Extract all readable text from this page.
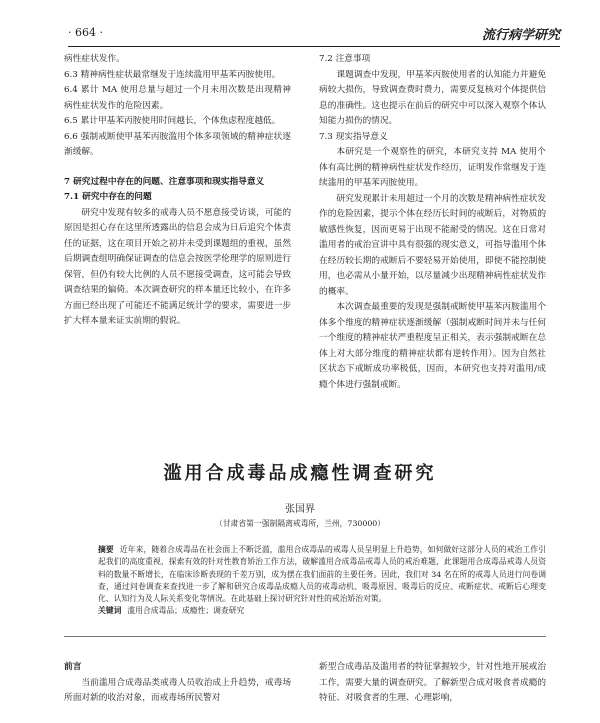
· 664 ·	流行病学研究

病性症状发作。

6.3 精神病性症状最常继发于连续滥用甲基苯丙胺使用。

6.4 累计 MA 使用总量与超过一个月未用次数是出现精神病性症状发作的危险因素。

6.5 累计甲基苯丙胺使用时间越长，个体焦虑程度越低。

6.6 强制戒断使甲基苯丙胺滥用个体多项领域的精神症状逐渐缓解。

7 研究过程中存在的问题、注意事项和现实指导意义

7.1 研究中存在的问题

研究中发现有较多的戒毒人员不愿意接受访谈，可能的原因是担心存在这里所透露出的信息会成为日后追究个体责任的证据，这在项目开始之初并未受到课题组的重视，虽然后期调查组明确保证调查的信息会按医学伦理学的原则进行保管，但仍有较大比例的人员不愿接受调查，这可能会导致调查结果的偏倚。本次调查研究的样本量还比较小，在许多方面已经出现了可能还不能满足统计学的要求，需要进一步扩大样本量来证实前期的假说。

7.2 注意事项

课题调查中发现，甲基苯丙胺使用者的认知能力并避免病较大损伤，导致调查费时费力，需要反复核对个体提供信息的准确性。这也提示在前后的研究中可以深入观察个体认知能力损伤的情况。

7.3 现实指导意义

本研究是一个观察性的研究，本研究支持 MA 使用个体有高比例的精神病性症状发作经历，证明发作常继发于连续滥用的甲基苯丙胺使用。

研究发现累计未用超过一个月的次数是精神病性症状发作的危险因素，提示个体在经历长时间的戒断后，对物质的敏感性恢复，因而更易于出现不能耐受的情况。这在日常对滥用者的戒治宣讲中具有很强的现实意义，可指导滥用个体在经历较长期的戒断后不要轻易开始使用，即使不能控制使用，也必需从小量开始，以尽量减少出现精神病性症状发作的概率。

本次调查最重要的发现是强制戒断使甲基苯丙胺滥用个体多个维度的精神症状逐渐缓解（强制戒断时间并未与任何一个维度的精神症状严重程度呈正相关，表示强制戒断在总体上对大部分维度的精神症状都有逆转作用）。因为自然社区状态下戒断成功率极低，因而，本研究也支持对滥用/成瘾个体进行强制戒断。

滥用合成毒品成瘾性调查研究
张国界
（甘肃省第一强制隔离戒毒所，兰州，730000）

摘要 近年来，随着合成毒品在社会面上不断泛滥，滥用合成毒品的戒毒人员呈明显上升趋势，如何做好这部分人员的戒治工作引起我们的高度重视，探索有效的针对性教育矫治工作方法，破解滥用合成毒品戒毒人员的戒治难题，此课题用合成毒品戒毒人员资料的数量不断增长，在临床诊断表现的千差万别，成为摆在我们面前的主要任务。因此，我们对 34 名在所的戒毒人员进行问卷调查，通过问卷调查来查找进一步了解和研究合成毒品成瘾人员的戒毒动机、吸毒原因、吸毒后的反应、戒断症状、戒断后心理变化、认知行为及人际关系变化等情况。在此基础上探讨研究针对性的戒治矫治对策。

关键词 滥用合成毒品；成瘾性；调查研究

前言

当前滥用合成毒品类戒毒人员收治成上升趋势，戒毒场所面对新的收治对象，而戒毒场所民警对

新型合成毒品及滥用者的特征掌握较少，针对性地开展戒治工作，需要大量的调查研究。了解新型合成对吸食者成瘾的特征、对吸食者的生理、心理影响，
